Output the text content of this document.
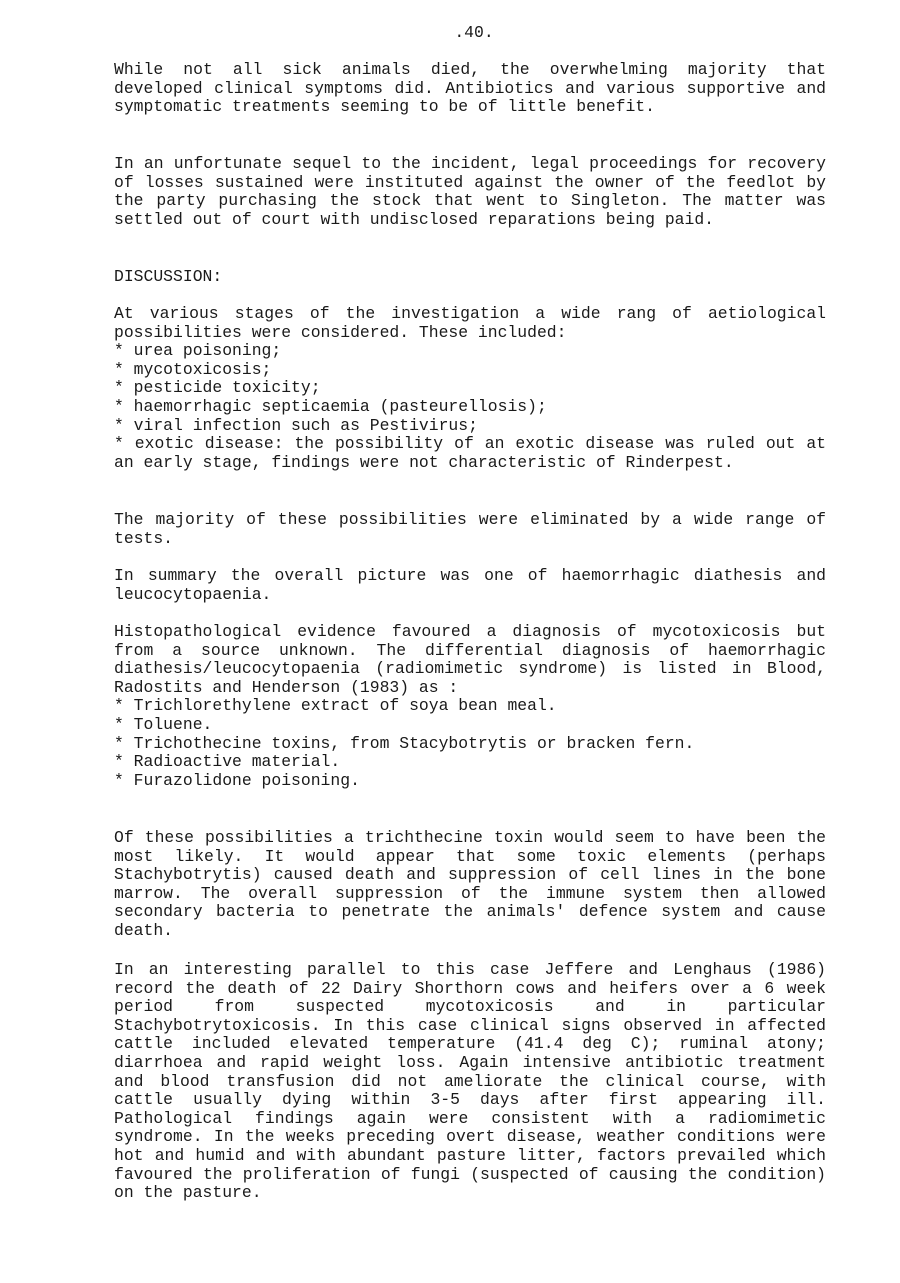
.40.

While not all sick animals died, the overwhelming majority that developed clinical symptoms did. Antibiotics and various supportive and symptomatic treatments seeming to be of little benefit.

In an unfortunate sequel to the incident, legal proceedings for recovery of losses sustained were instituted against the owner of the feedlot by the party purchasing the stock that went to Singleton. The matter was settled out of court with undisclosed reparations being paid.

DISCUSSION:

At various stages of the investigation a wide rang of aetiological possibilities were considered. These included:

* urea poisoning;
* mycotoxicosis;
* pesticide toxicity;
* haemorrhagic septicaemia (pasteurellosis);
* viral infection such as Pestivirus;

* exotic disease: the possibility of an exotic disease was ruled out at an early stage, findings were not characteristic of Rinderpest.

The majority of these possibilities were eliminated by a wide range of tests.

In summary the overall picture was one of haemorrhagic diathesis and leucocytopaenia.

Histopathological evidence favoured a diagnosis of mycotoxicosis but from a source unknown. The differential diagnosis of haemorrhagic diathesis/leucocytopaenia (radiomimetic syndrome) is listed in Blood, Radostits and Henderson (1983) as :

* Trichlorethylene extract of soya bean meal.
* Toluene.
* Trichothecine toxins, from Stacybotrytis or bracken fern.
* Radioactive material.
* Furazolidone poisoning.

Of these possibilities a trichthecine toxin would seem to have been the most likely. It would appear that some toxic elements (perhaps Stachybotrytis) caused death and suppression of cell lines in the bone marrow. The overall suppression of the immune system then allowed secondary bacteria to penetrate the animals' defence system and cause death.

In an interesting parallel to this case Jeffere and Lenghaus (1986) record the death of 22 Dairy Shorthorn cows and heifers over a 6 week period from suspected mycotoxicosis and in particular Stachybotrytoxicosis. In this case clinical signs observed in affected cattle included elevated temperature (41.4 deg C); ruminal atony; diarrhoea and rapid weight loss. Again intensive antibiotic treatment and blood transfusion did not ameliorate the clinical course, with cattle usually dying within 3-5 days after first appearing ill. Pathological findings again were consistent with a radiomimetic syndrome. In the weeks preceding overt disease, weather conditions were hot and humid and with abundant pasture litter, factors prevailed which favoured the proliferation of fungi (suspected of causing the condition) on the pasture.
